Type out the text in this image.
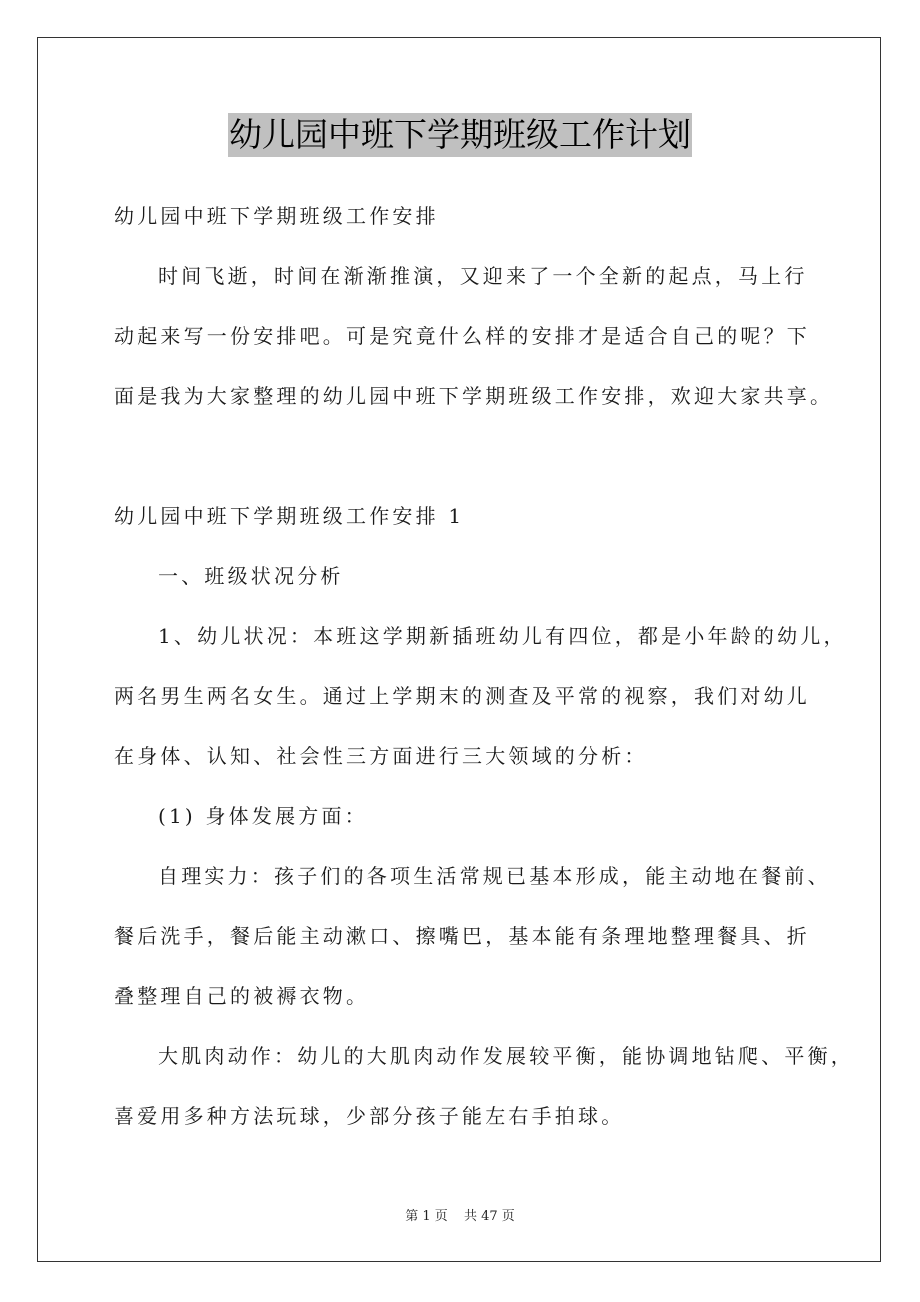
幼儿园中班下学期班级工作计划
幼儿园中班下学期班级工作安排
时间飞逝，时间在渐渐推演，又迎来了一个全新的起点，马上行
动起来写一份安排吧。可是究竟什么样的安排才是适合自己的呢？下
面是我为大家整理的幼儿园中班下学期班级工作安排，欢迎大家共享。
幼儿园中班下学期班级工作安排 1
一、班级状况分析
1、幼儿状况：本班这学期新插班幼儿有四位，都是小年龄的幼儿，
两名男生两名女生。通过上学期末的测查及平常的视察，我们对幼儿
在身体、认知、社会性三方面进行三大领域的分析：
(1) 身体发展方面：
自理实力：孩子们的各项生活常规已基本形成，能主动地在餐前、
餐后洗手，餐后能主动漱口、擦嘴巴，基本能有条理地整理餐具、折
叠整理自己的被褥衣物。
大肌肉动作：幼儿的大肌肉动作发展较平衡，能协调地钻爬、平衡，
喜爱用多种方法玩球，少部分孩子能左右手拍球。
第 1 页 共 47 页
